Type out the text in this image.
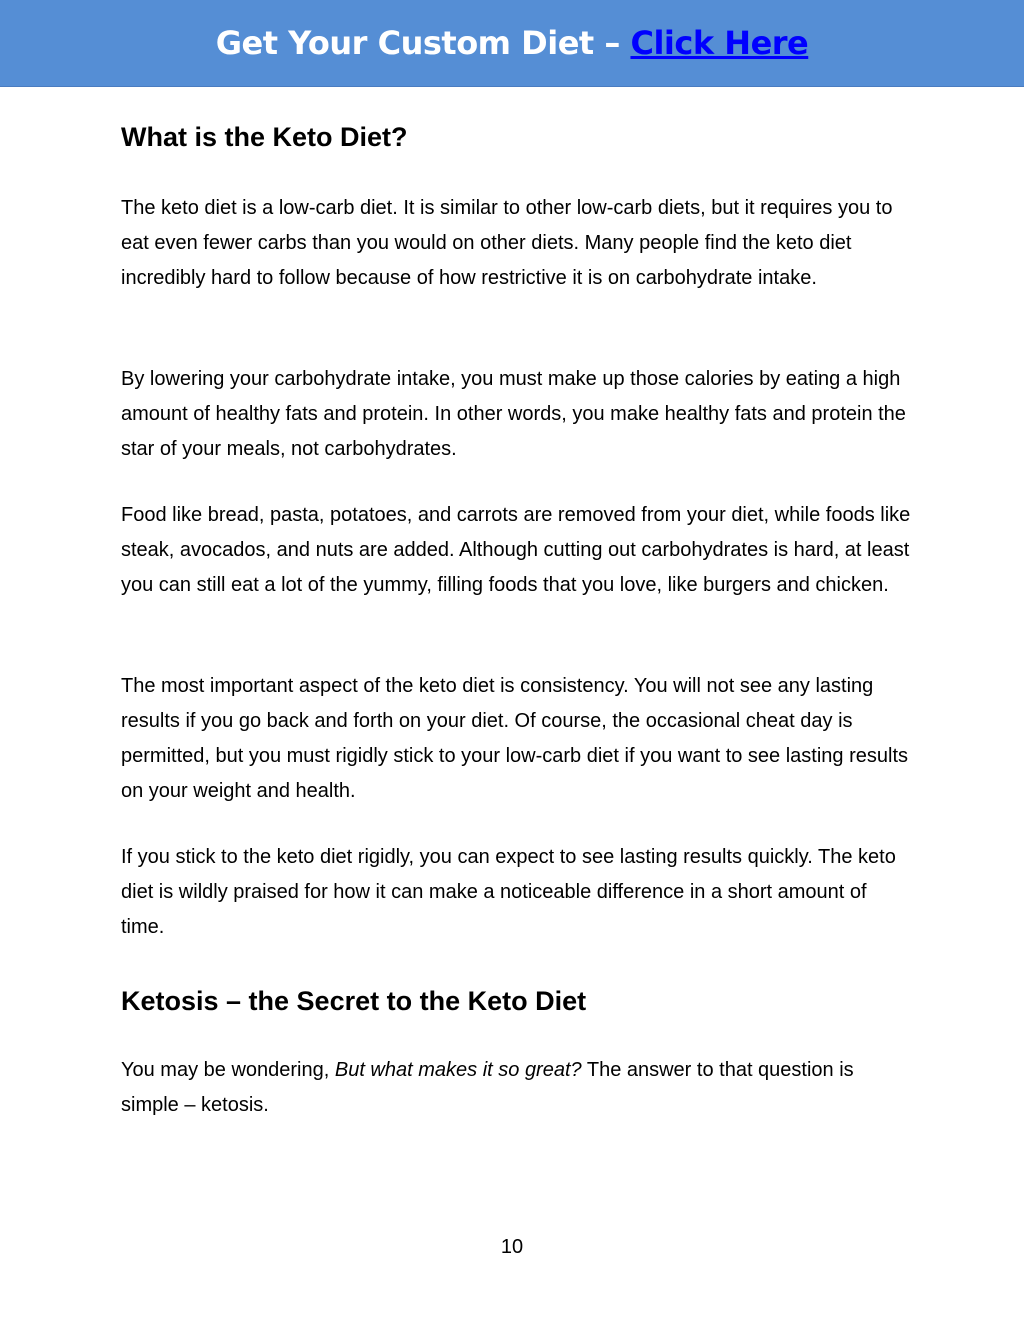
Get Your Custom Diet – Click Here
What is the Keto Diet?

The keto diet is a low-carb diet. It is similar to other low-carb diets, but it requires you to eat even fewer carbs than you would on other diets. Many people find the keto diet incredibly hard to follow because of how restrictive it is on carbohydrate intake.

By lowering your carbohydrate intake, you must make up those calories by eating a high amount of healthy fats and protein. In other words, you make healthy fats and protein the star of your meals, not carbohydrates.

Food like bread, pasta, potatoes, and carrots are removed from your diet, while foods like steak, avocados, and nuts are added. Although cutting out carbohydrates is hard, at least you can still eat a lot of the yummy, filling foods that you love, like burgers and chicken.

The most important aspect of the keto diet is consistency. You will not see any lasting results if you go back and forth on your diet. Of course, the occasional cheat day is permitted, but you must rigidly stick to your low-carb diet if you want to see lasting results on your weight and health.

If you stick to the keto diet rigidly, you can expect to see lasting results quickly. The keto diet is wildly praised for how it can make a noticeable difference in a short amount of time.

Ketosis – the Secret to the Keto Diet

You may be wondering, But what makes it so great? The answer to that question is simple – ketosis.

10
